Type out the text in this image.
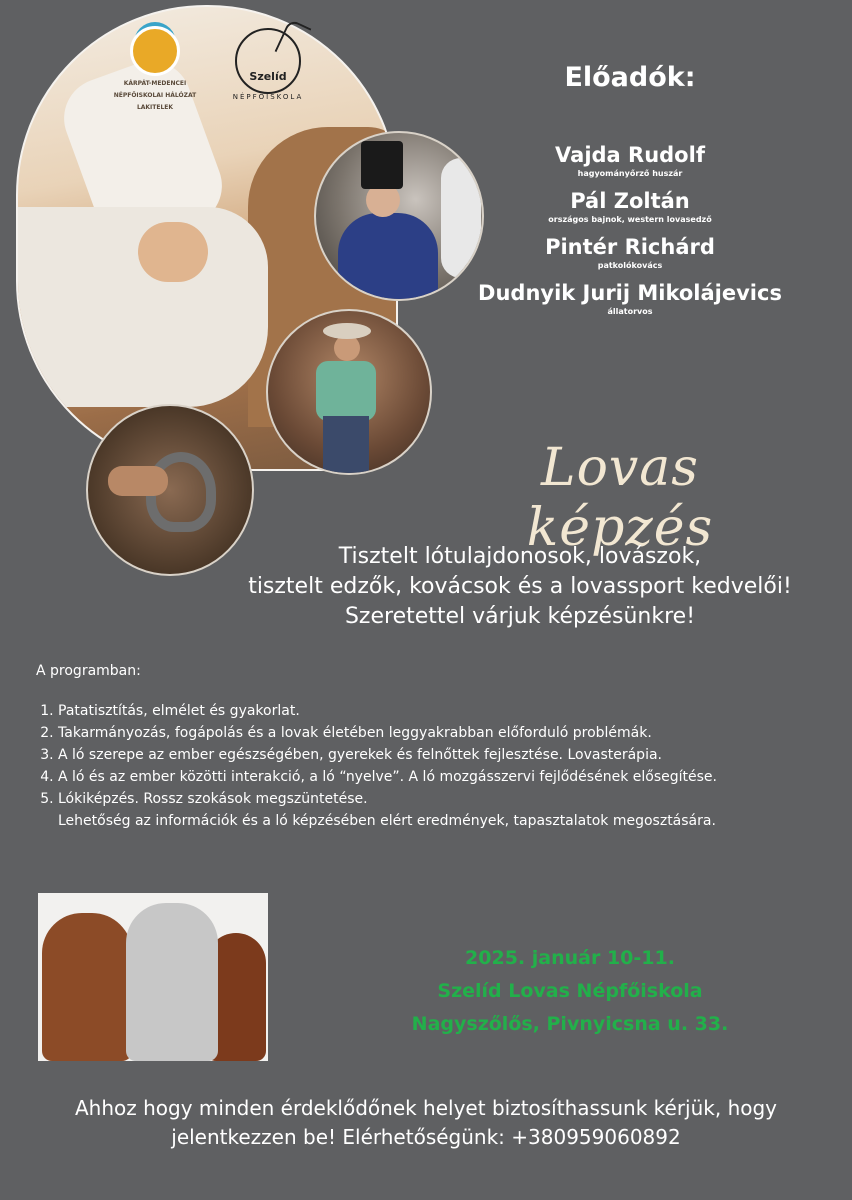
KÁRPÁT-MEDENCEI
NÉPFŐISKOLAI HÁLÓZAT
LAKITELEK
Szelíd
NÉPFŐISKOLA
Előadók:
Vajda Rudolf
hagyományőrző huszár
Pál Zoltán
országos bajnok, western lovasedző
Pintér Richárd
patkolókovács
Dudnyik Jurij Mikolájevics
állatorvos
Lovas képzés
Tisztelt lótulajdonosok, lovászok,
tisztelt edzők, kovácsok és a lovassport kedvelői!
Szeretettel várjuk képzésünkre!
A programban:
1. Patatisztítás, elmélet és gyakorlat.
2. Takarmányozás, fogápolás és a lovak életében leggyakrabban előforduló problémák.
3. A ló szerepe az ember egészségében, gyerekek és felnőttek fejlesztése. Lovasterápia.
4. A ló és az ember közötti interakció, a ló “nyelve”. A ló mozgásszervi fejlődésének elősegítése.
5. Lókiképzés. Rossz szokások megszüntetése.
Lehetőség az információk és a ló képzésében elért eredmények, tapasztalatok megosztására.
2025. január 10-11.
Szelíd Lovas Népfőiskola
Nagyszőlős, Pivnyicsna u. 33.
Ahhoz hogy minden érdeklődőnek helyet biztosíthassunk kérjük, hogy
jelentkezzen be! Elérhetőségünk: +380959060892
